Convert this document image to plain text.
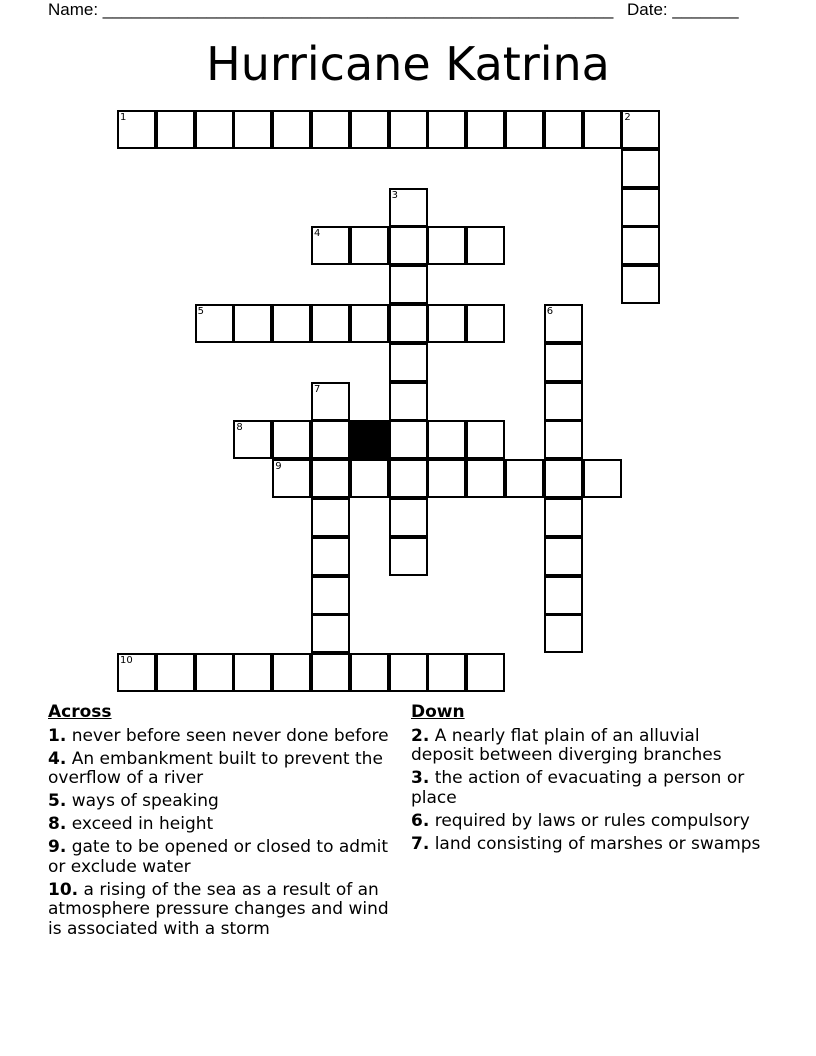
Name: ______________________________________________________ Date: _______
Hurricane Katrina
1	2
3
4
5	6
7
8
9
10
Across
1. never before seen never done before
4. An embankment built to prevent the overflow of a river
5. ways of speaking
8. exceed in height
9. gate to be opened or closed to admit or exclude water
10. a rising of the sea as a result of an atmosphere pressure changes and wind is associated with a storm
Down
2. A nearly flat plain of an alluvial deposit between diverging branches
3. the action of evacuating a person or place
6. required by laws or rules compulsory
7. land consisting of marshes or swamps
